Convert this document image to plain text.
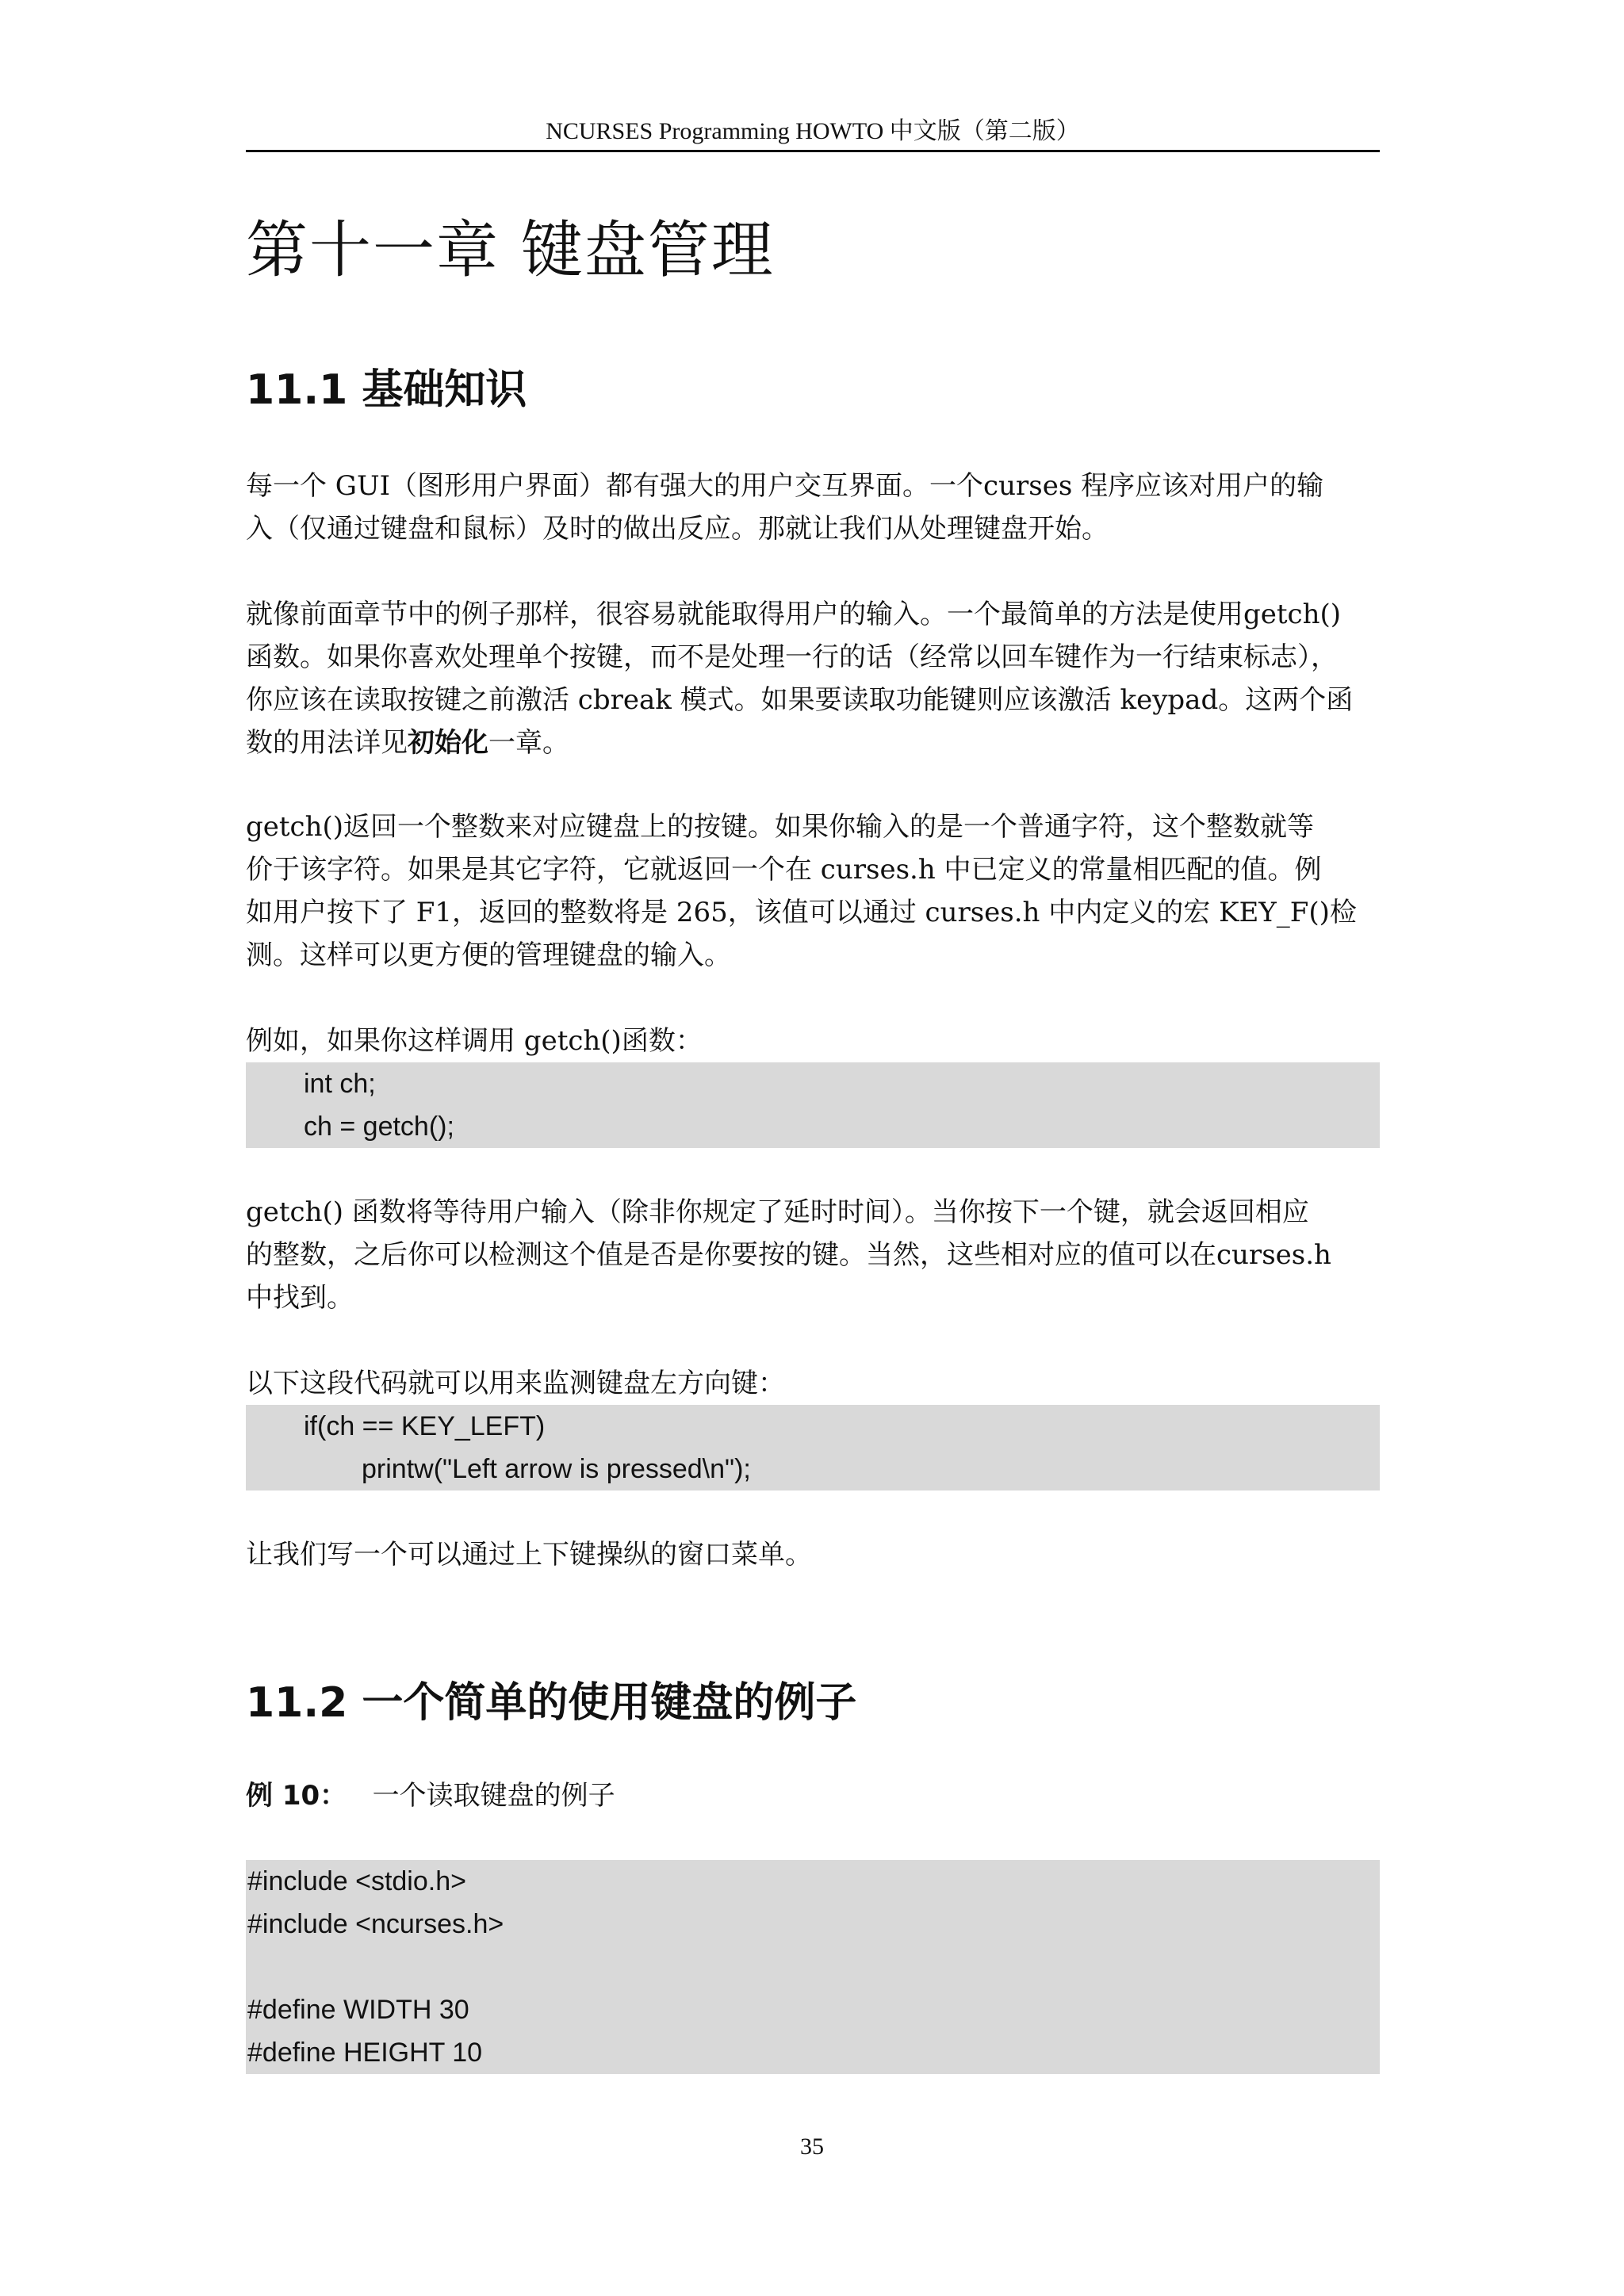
NCURSES Programming HOWTO 中文版（第二版）
第十一章 键盘管理
11.1 基础知识
每一个 GUI（图形用户界面）都有强大的用户交互界面。一个curses 程序应该对用户的输
入（仅通过键盘和鼠标）及时的做出反应。那就让我们从处理键盘开始。
就像前面章节中的例子那样，很容易就能取得用户的输入。一个最简单的方法是使用getch()
函数。如果你喜欢处理单个按键，而不是处理一行的话（经常以回车键作为一行结束标志），
你应该在读取按键之前激活 cbreak 模式。如果要读取功能键则应该激活 keypad。这两个函
数的用法详见初始化一章。
getch()返回一个整数来对应键盘上的按键。如果你输入的是一个普通字符，这个整数就等
价于该字符。如果是其它字符，它就返回一个在 curses.h 中已定义的常量相匹配的值。例
如用户按下了 F1，返回的整数将是 265，该值可以通过 curses.h 中内定义的宏 KEY_F()检
测。这样可以更方便的管理键盘的输入。
例如，如果你这样调用 getch()函数：
int ch;
ch = getch();
getch() 函数将等待用户输入（除非你规定了延时时间）。当你按下一个键，就会返回相应
的整数，之后你可以检测这个值是否是你要按的键。当然，这些相对应的值可以在curses.h
中找到。
以下这段代码就可以用来监测键盘左方向键：
if(ch == KEY_LEFT)
printw("Left arrow is pressed\n");
让我们写一个可以通过上下键操纵的窗口菜单。
11.2 一个简单的使用键盘的例子
例 10： 一个读取键盘的例子
#include <stdio.h>
#include <ncurses.h>
#define WIDTH 30
#define HEIGHT 10
35
